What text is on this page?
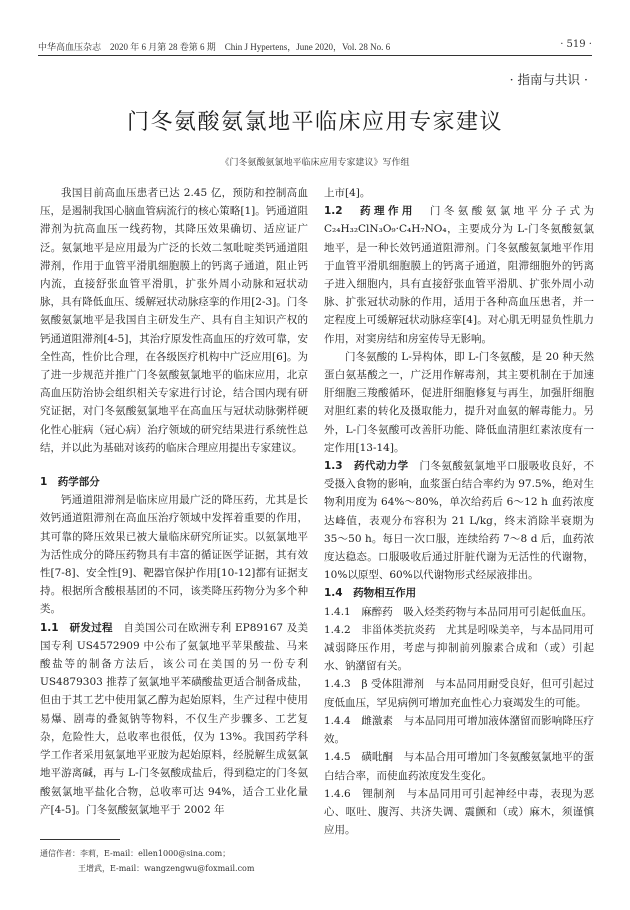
中华高血压杂志　2020 年 6 月第 28 卷第 6 期　Chin J Hypertens，June 2020，Vol. 28 No. 6	· 519 ·
· 指南与共识 ·
门冬氨酸氨氯地平临床应用专家建议
《门冬氨酸氨氯地平临床应用专家建议》写作组

我国目前高血压患者已达 2.45 亿，预防和控制高血压，是遏制我国心脑血管病流行的核心策略[1]。钙通道阻滞剂为抗高血压一线药物，其降压效果确切、适应证广泛。氨氯地平是应用最为广泛的长效二氢吡啶类钙通道阻滞剂，作用于血管平滑肌细胞膜上的钙离子通道，阻止钙内流，直接舒张血管平滑肌，扩张外周小动脉和冠状动脉，具有降低血压、缓解冠状动脉痉挛的作用[2-3]。门冬氨酸氨氯地平是我国自主研发生产、具有自主知识产权的钙通道阻滞剂[4-5]，其治疗原发性高血压的疗效可靠，安全性高，性价比合理，在各级医疗机构中广泛应用[6]。为了进一步规范并推广门冬氨酸氨氯地平的临床应用，北京高血压防治协会组织相关专家进行讨论，结合国内现有研究证据，对门冬氨酸氨氯地平在高血压与冠状动脉粥样硬化性心脏病（冠心病）治疗领域的研究结果进行系统性总结，并以此为基础对该药的临床合理应用提出专家建议。

1　药学部分

钙通道阻滞剂是临床应用最广泛的降压药，尤其是长效钙通道阻滞剂在高血压治疗领域中发挥着重要的作用，其可靠的降压效果已被大量临床研究所证实。以氨氯地平为活性成分的降压药物具有丰富的循证医学证据，其有效性[7-8]、安全性[9]、靶器官保护作用[10-12]都有证据支持。根据所含酸根基团的不同，该类降压药物分为多个种类。

1.1　研发过程　自美国公司在欧洲专利 EP89167 及美国专利 US4572909 中公布了氨氯地平苹果酸盐、马来酸盐等的制备方法后，该公司在美国的另一份专利 US4879303 推荐了氨氯地平苯磺酸盐更适合制备成盐，但由于其工艺中使用氯乙醇为起始原料，生产过程中使用易爆、剧毒的叠氮钠等物料，不仅生产步骤多、工艺复杂，危险性大，总收率也很低，仅为 13%。我国药学科学工作者采用氨氯地平亚胺为起始原料，经脱解生成氨氯地平游离碱，再与 L-门冬氨酸成盐后，得到稳定的门冬氨酸氨氯地平盐化合物，总收率可达 94%，适合工业化量产[4-5]。门冬氨酸氨氯地平于 2002 年

上市[4]。

1.2　药理作用　门冬氨酸氨氯地平分子式为 C₂₄H₃₂ClN₃O₉·C₄H₇NO₄，主要成分为 L-门冬氨酸氨氯地平，是一种长效钙通道阻滞剂。门冬氨酸氨氯地平作用于血管平滑肌细胞膜上的钙离子通道，阻滞细胞外的钙离子进入细胞内，具有直接舒张血管平滑肌、扩张外周小动脉、扩张冠状动脉的作用，适用于各种高血压患者，并一定程度上可缓解冠状动脉痉挛[4]。对心肌无明显负性肌力作用，对窦房结和房室传导无影响。

门冬氨酸的 L-异构体，即 L-门冬氨酸，是 20 种天然蛋白氨基酸之一，广泛用作解毒剂，其主要机制在于加速肝细胞三羧酸循环，促进肝细胞修复与再生，加强肝细胞对胆红素的转化及摄取能力，提升对血氨的解毒能力。另外，L-门冬氨酸可改善肝功能、降低血清胆红素浓度有一定作用[13-14]。

1.3　药代动力学　门冬氨酸氨氯地平口服吸收良好，不受摄入食物的影响，血浆蛋白结合率约为 97.5%，绝对生物利用度为 64%～80%，单次给药后 6～12 h 血药浓度达峰值，表观分布容积为 21 L/kg，终末消除半衰期为 35～50 h。每日一次口服，连续给药 7～8 d 后，血药浓度达稳态。口服吸收后通过肝脏代谢为无活性的代谢物，10%以原型、60%以代谢物形式经尿液排出。

1.4　药物相互作用

1.4.1　麻醉药　吸入烃类药物与本品同用可引起低血压。

1.4.2　非甾体类抗炎药　尤其是吲哚美辛，与本品同用可减弱降压作用，考虑与抑制前列腺素合成和（或）引起水、钠潴留有关。

1.4.3　β 受体阻滞剂　与本品同用耐受良好，但可引起过度低血压，罕见病例可增加充血性心力衰竭发生的可能。

1.4.4　雌激素　与本品同用可增加液体潴留而影响降压疗效。

1.4.5　磺吡酮　与本品合用可增加门冬氨酸氨氯地平的蛋白结合率，而使血药浓度发生变化。

1.4.6　锂制剂　与本品同用可引起神经中毒，表现为恶心、呕吐、腹泻、共济失调、震颤和（或）麻木，须谨慎应用。

通信作者：李莉，E-mail：ellen1000@sina.com；
王增武，E-mail：wangzengwu@foxmail.com
